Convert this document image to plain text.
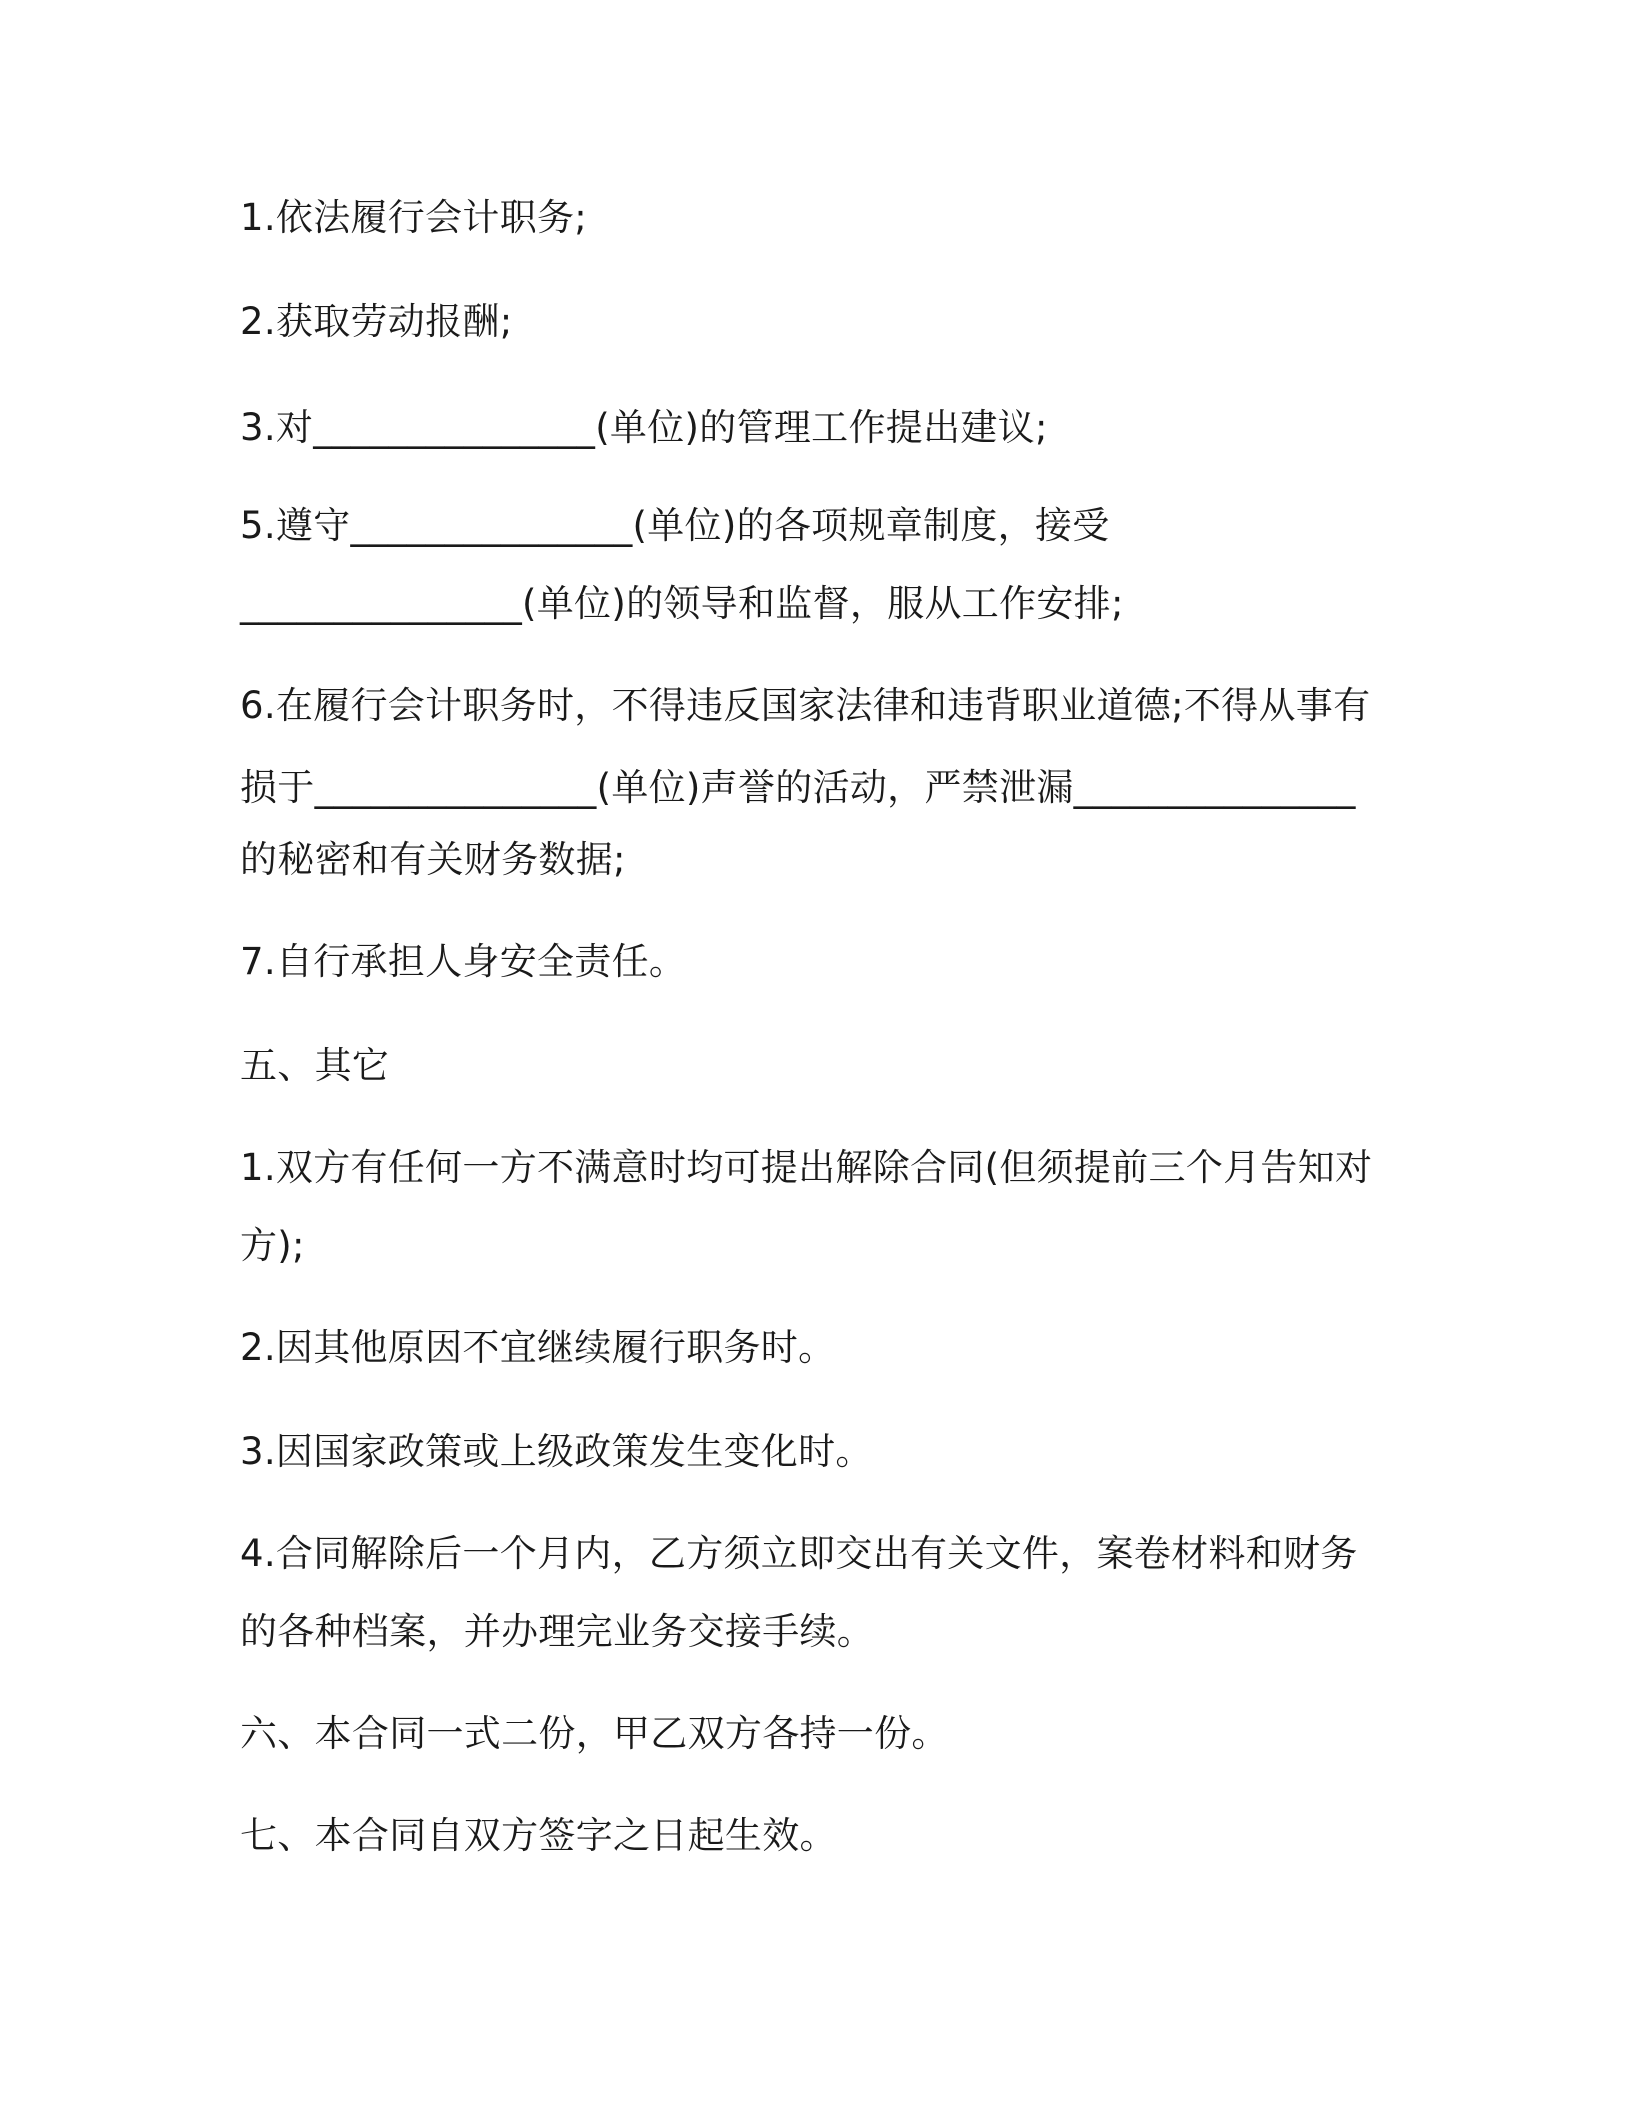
1.依法履行会计职务;

2.获取劳动报酬;

3.对_______________(单位)的管理工作提出建议;

5.遵守_______________(单位)的各项规章制度，接受

_______________(单位)的领导和监督，服从工作安排;

6.在履行会计职务时，不得违反国家法律和违背职业道德;不得从事有

损于_______________(单位)声誉的活动，严禁泄漏_______________

的秘密和有关财务数据;

7.自行承担人身安全责任。

五、其它

1.双方有任何一方不满意时均可提出解除合同(但须提前三个月告知对

方);

2.因其他原因不宜继续履行职务时。

3.因国家政策或上级政策发生变化时。

4.合同解除后一个月内，乙方须立即交出有关文件，案卷材料和财务

的各种档案，并办理完业务交接手续。

六、本合同一式二份，甲乙双方各持一份。

七、本合同自双方签字之日起生效。
